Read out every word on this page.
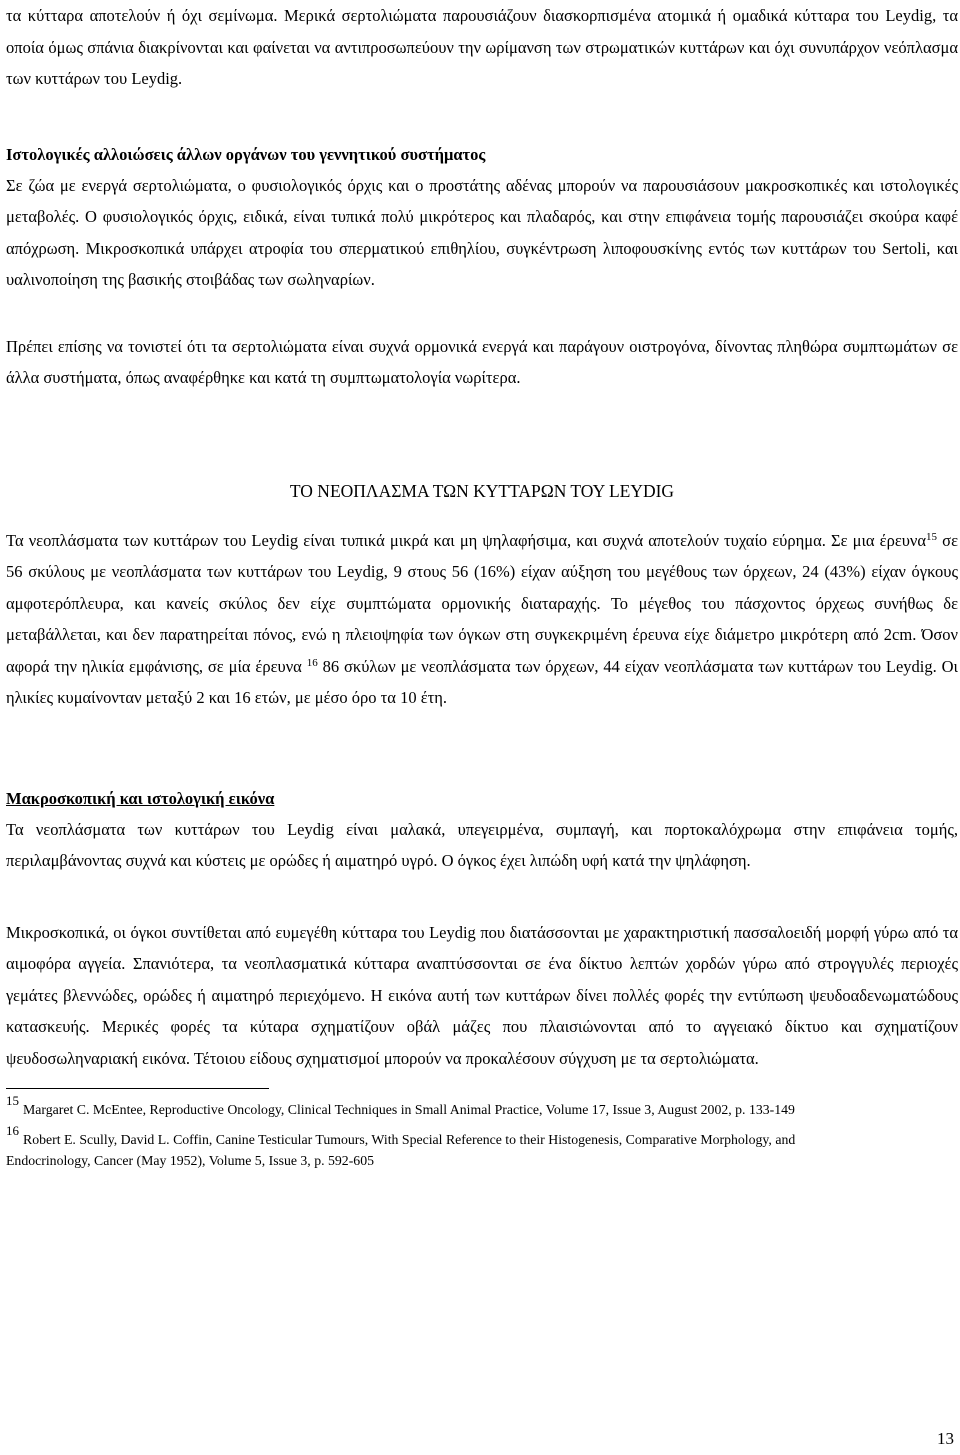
τα κύτταρα αποτελούν ή όχι σεμίνωμα. Μερικά σερτολιώματα παρουσιάζουν διασκορπισμένα ατομικά ή ομαδικά κύτταρα του Leydig, τα οποία όμως σπάνια διακρίνονται και φαίνεται να αντιπροσωπεύουν την ωρίμανση των στρωματικών κυττάρων και όχι συνυπάρχον νεόπλασμα των κυττάρων του Leydig.

Ιστολογικές αλλοιώσεις άλλων οργάνων του γεννητικού συστήματος

Σε ζώα με ενεργά σερτολιώματα, ο φυσιολογικός όρχις και ο προστάτης αδένας μπορούν να παρουσιάσουν μακροσκοπικές και ιστολογικές μεταβολές. Ο φυσιολογικός όρχις, ειδικά, είναι τυπικά πολύ μικρότερος και πλαδαρός, και στην επιφάνεια τομής παρουσιάζει σκούρα καφέ απόχρωση. Μικροσκοπικά υπάρχει ατροφία του σπερματικού επιθηλίου, συγκέντρωση λιποφουσκίνης εντός των κυττάρων του Sertoli, και υαλινοποίηση της βασικής στοιβάδας των σωληναρίων.

Πρέπει επίσης να τονιστεί ότι τα σερτολιώματα είναι συχνά ορμονικά ενεργά και παράγουν οιστρογόνα, δίνοντας πληθώρα συμπτωμάτων σε άλλα συστήματα, όπως αναφέρθηκε και κατά τη συμπτωματολογία νωρίτερα.

ΤΟ ΝΕΟΠΛΑΣΜΑ ΤΩΝ ΚΥΤΤΑΡΩΝ ΤΟΥ LEYDIG

Τα νεοπλάσματα των κυττάρων του Leydig είναι τυπικά μικρά και μη ψηλαφήσιμα, και συχνά αποτελούν τυχαίο εύρημα. Σε μια έρευνα$^{15}$ σε 56 σκύλους με νεοπλάσματα των κυττάρων του Leydig, 9 στους 56 (16%) είχαν αύξηση του μεγέθους των όρχεων, 24 (43%) είχαν όγκους αμφοτερόπλευρα, και κανείς σκύλος δεν είχε συμπτώματα ορμονικής διαταραχής. Το μέγεθος του πάσχοντος όρχεως συνήθως δε μεταβάλλεται, και δεν παρατηρείται πόνος, ενώ η πλειοψηφία των όγκων στη συγκεκριμένη έρευνα είχε διάμετρο μικρότερη από 2cm. Όσον αφορά την ηλικία εμφάνισης, σε μία έρευνα $^{16}$ 86 σκύλων με νεοπλάσματα των όρχεων, 44 είχαν νεοπλάσματα των κυττάρων του Leydig. Οι ηλικίες κυμαίνονταν μεταξύ 2 και 16 ετών, με μέσο όρο τα 10 έτη.

Μακροσκοπική και ιστολογική εικόνα

Τα νεοπλάσματα των κυττάρων του Leydig είναι μαλακά, υπεγειρμένα, συμπαγή, και πορτοκαλόχρωμα στην επιφάνεια τομής, περιλαμβάνοντας συχνά και κύστεις με ορώδες ή αιματηρό υγρό. Ο όγκος έχει λιπώδη υφή κατά την ψηλάφηση.

Μικροσκοπικά, οι όγκοι συντίθεται από ευμεγέθη κύτταρα του Leydig που διατάσσονται με χαρακτηριστική πασσαλοειδή μορφή γύρω από τα αιμοφόρα αγγεία. Σπανιότερα, τα νεοπλασματικά κύτταρα αναπτύσσονται σε ένα δίκτυο λεπτών χορδών γύρω από στρογγυλές περιοχές γεμάτες βλεννώδες, ορώδες ή αιματηρό περιεχόμενο. Η εικόνα αυτή των κυττάρων δίνει πολλές φορές την εντύπωση ψευδοαδενωματώδους κατασκευής. Μερικές φορές τα κύταρα σχηματίζουν οβάλ μάζες που πλαισιώνονται από το αγγειακό δίκτυο και σχηματίζουν ψευδοσωληναριακή εικόνα. Τέτοιου είδους σχηματισμοί μπορούν να προκαλέσουν σύγχυση με τα σερτολιώματα.

15Margaret C. McEntee, Reproductive Oncology, Clinical Techniques in Small Animal Practice, Volume 17, Issue 3, August 2002, p. 133-149

16Robert E. Scully, David L. Coffin, Canine Testicular Tumours, With Special Reference to their Histogenesis, Comparative Morphology, and

Endocrinology, Cancer (May 1952), Volume 5, Issue 3, p. 592-605

13
